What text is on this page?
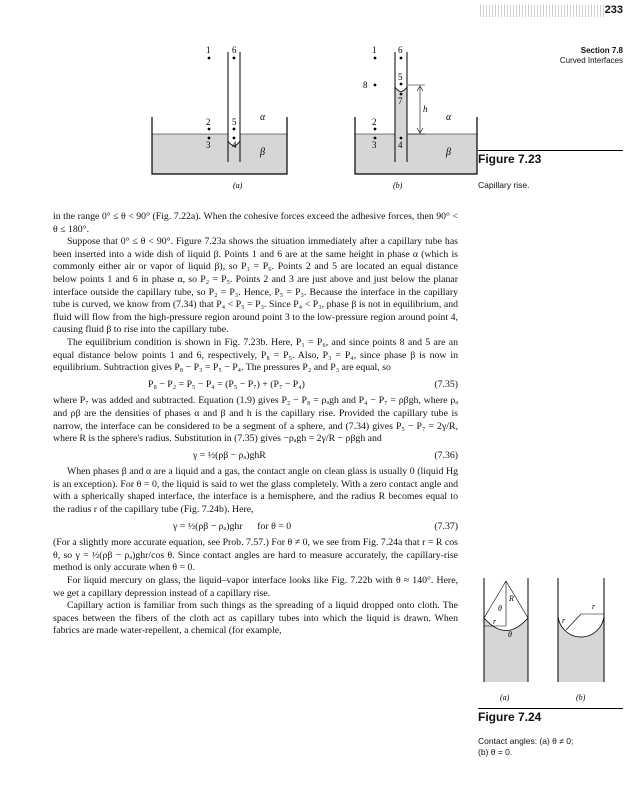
233
Section 7.8
Curved Interfaces
1 6
2 5
3 4
α
β
(a)
1 6
8
5
7
2
3 4
h
α
β
(b)
Figure 7.23
Capillary rise.

in the range 0° ≤ θ < 90° (Fig. 7.22a). When the cohesive forces exceed the adhesive forces, then 90° < θ ≤ 180°.

Suppose that 0° ≤ θ < 90°. Figure 7.23a shows the situation immediately after a capillary tube has been inserted into a wide dish of liquid β. Points 1 and 6 are at the same height in phase α (which is commonly either air or vapor of liquid β), so P₁ = P₆. Points 2 and 5 are located an equal distance below points 1 and 6 in phase α, so P₂ = P₅. Points 2 and 3 are just above and just below the planar interface outside the capillary tube, so P₂ = P₃. Hence, P₅ = P₃. Because the interface in the capillary tube is curved, we know from (7.34) that P₄ < P₅ = P₃. Since P₄ < P₃, phase β is not in equilibrium, and fluid will flow from the high-pressure region around point 3 to the low-pressure region around point 4, causing fluid β to rise into the capillary tube.

The equilibrium condition is shown in Fig. 7.23b. Here, P₁ = P₆, and since points 8 and 5 are an equal distance below points 1 and 6, respectively, P₈ = P₅. Also, P₃ = P₄, since phase β is now in equilibrium. Subtraction gives P₈ − P₃ = P₅ − P₄. The pressures P₂ and P₃ are equal, so

P₈ − P₂ = P₅ − P₄ = (P₅ − P₇) + (P₇ − P₄)	(7.35)

where P₇ was added and subtracted. Equation (1.9) gives P₂ − P₈ = ρₐgh and P₄ − P₇ = ρβgh, where ρₐ and ρβ are the densities of phases α and β and h is the capillary rise. Provided the capillary tube is narrow, the interface can be considered to be a segment of a sphere, and (7.34) gives P₅ − P₇ = 2γ/R, where R is the sphere's radius. Substitution in (7.35) gives −ρₐgh = 2γ/R − ρβgh and

γ = ½(ρβ − ρₐ)ghR	(7.36)

When phases β and α are a liquid and a gas, the contact angle on clean glass is usually 0 (liquid Hg is an exception). For θ = 0, the liquid is said to wet the glass completely. With a zero contact angle and with a spherically shaped interface, the interface is a hemisphere, and the radius R becomes equal to the radius r of the capillary tube (Fig. 7.24b). Here,

γ = ½(ρβ − ρₐ)ghr      for θ = 0	(7.37)

(For a slightly more accurate equation, see Prob. 7.57.) For θ ≠ 0, we see from Fig. 7.24a that r = R cos θ, so γ = ½(ρβ − ρₐ)ghr/cos θ. Since contact angles are hard to measure accurately, the capillary-rise method is only accurate when θ = 0.

For liquid mercury on glass, the liquid–vapor interface looks like Fig. 7.22b with θ ≈ 140°. Here, we get a capillary depression instead of a capillary rise.

Capillary action is familiar from such things as the spreading of a liquid dropped onto cloth. The spaces between the fibers of the cloth act as capillary tubes into which the liquid is drawn. When fabrics are made water-repellent, a chemical (for example,

R
θ
r
θ
(a)
r
r
(b)
Figure 7.24
Contact angles: (a) θ ≠ 0;
(b) θ = 0.
